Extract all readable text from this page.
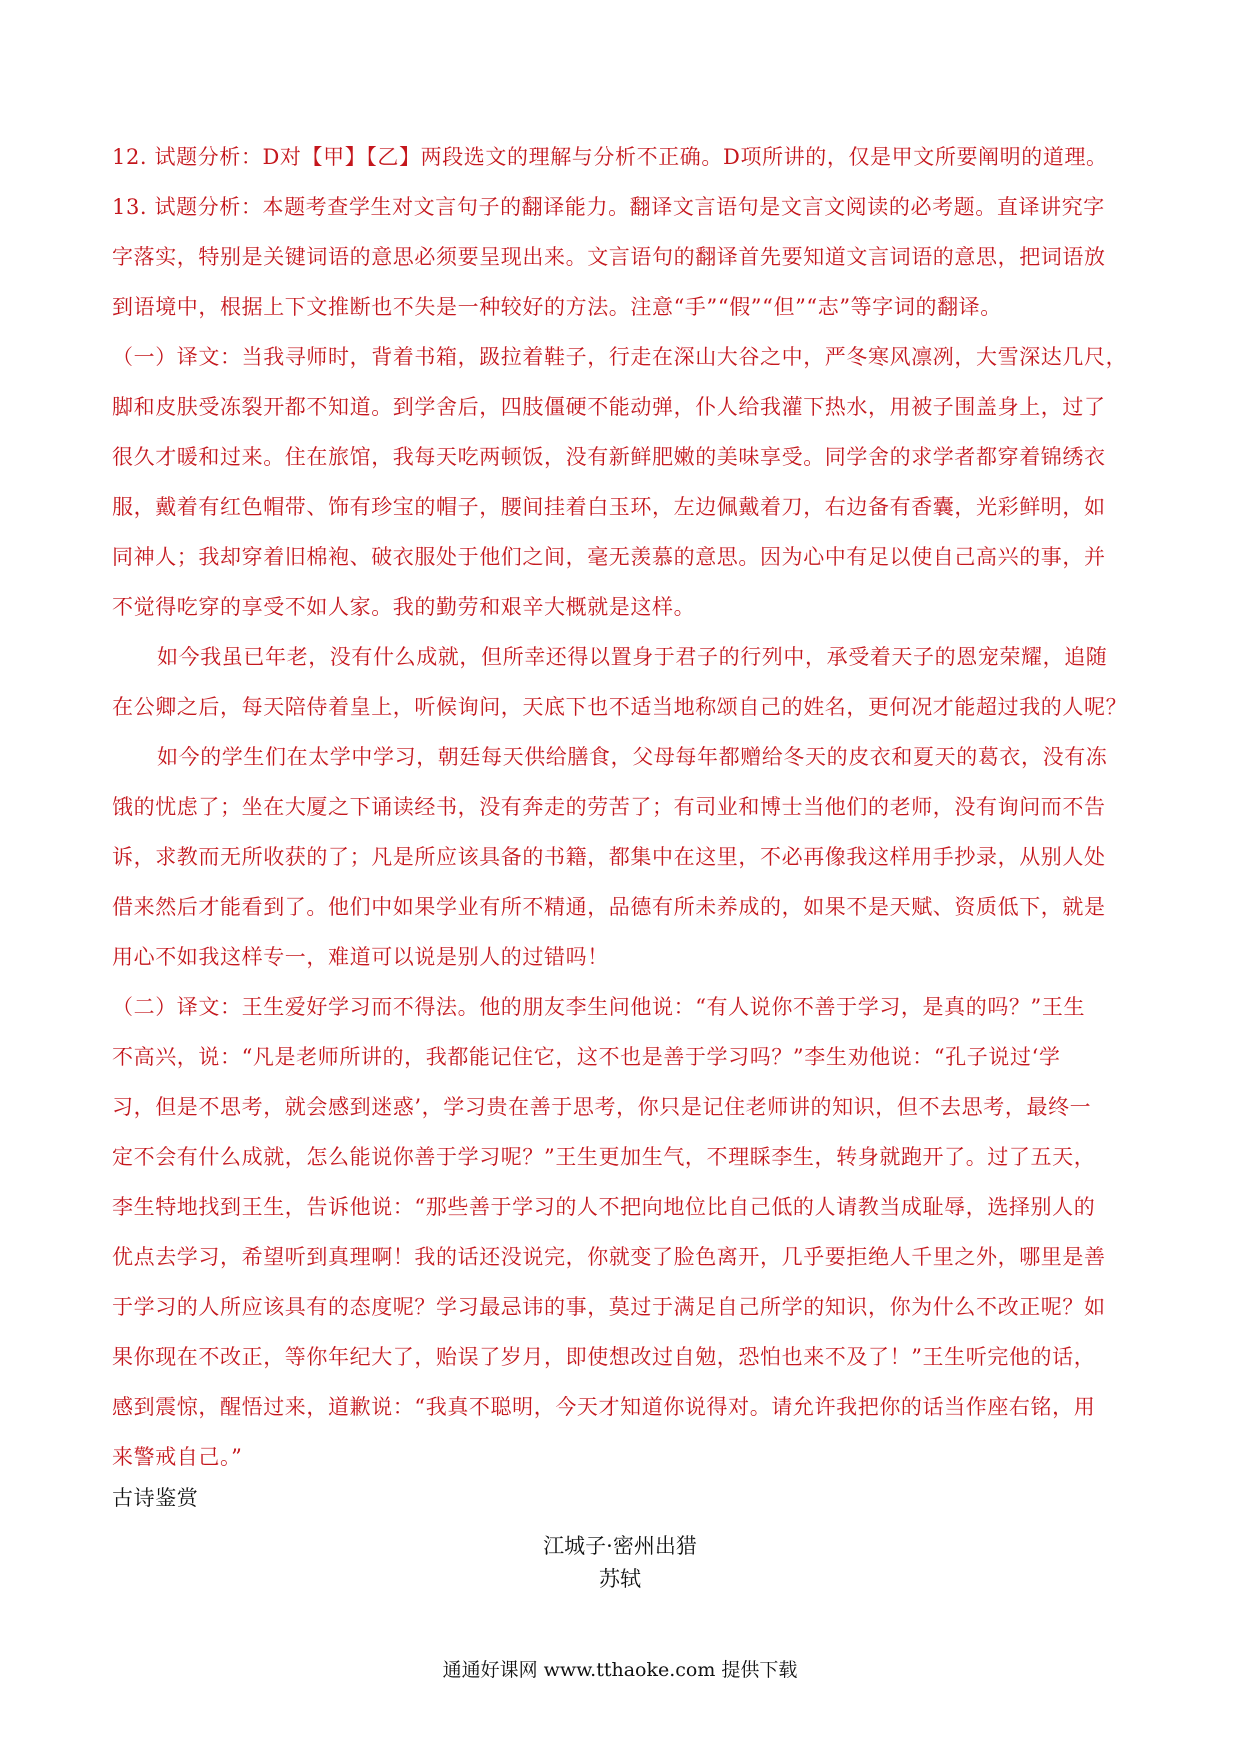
12. 试题分析：D对【甲】【乙】两段选文的理解与分析不正确。D项所讲的，仅是甲文所要阐明的道理。
13. 试题分析：本题考查学生对文言句子的翻译能力。翻译文言语句是文言文阅读的必考题。直译讲究字
字落实，特别是关键词语的意思必须要呈现出来。文言语句的翻译首先要知道文言词语的意思，把词语放
到语境中，根据上下文推断也不失是一种较好的方法。注意“手”“假”“但”“志”等字词的翻译。
（一）译文：当我寻师时，背着书箱，趿拉着鞋子，行走在深山大谷之中，严冬寒风凛冽，大雪深达几尺，
脚和皮肤受冻裂开都不知道。到学舍后，四肢僵硬不能动弹，仆人给我灌下热水，用被子围盖身上，过了
很久才暖和过来。住在旅馆，我每天吃两顿饭，没有新鲜肥嫩的美味享受。同学舍的求学者都穿着锦绣衣
服，戴着有红色帽带、饰有珍宝的帽子，腰间挂着白玉环，左边佩戴着刀，右边备有香囊，光彩鲜明，如
同神人；我却穿着旧棉袍、破衣服处于他们之间，毫无羡慕的意思。因为心中有足以使自己高兴的事，并
不觉得吃穿的享受不如人家。我的勤劳和艰辛大概就是这样。
如今我虽已年老，没有什么成就，但所幸还得以置身于君子的行列中，承受着天子的恩宠荣耀，追随
在公卿之后，每天陪侍着皇上，听候询问，天底下也不适当地称颂自己的姓名，更何况才能超过我的人呢？
如今的学生们在太学中学习，朝廷每天供给膳食，父母每年都赠给冬天的皮衣和夏天的葛衣，没有冻
饿的忧虑了；坐在大厦之下诵读经书，没有奔走的劳苦了；有司业和博士当他们的老师，没有询问而不告
诉，求教而无所收获的了；凡是所应该具备的书籍，都集中在这里，不必再像我这样用手抄录，从别人处
借来然后才能看到了。他们中如果学业有所不精通，品德有所未养成的，如果不是天赋、资质低下，就是
用心不如我这样专一，难道可以说是别人的过错吗！
（二）译文：王生爱好学习而不得法。他的朋友李生问他说：“有人说你不善于学习，是真的吗？”王生
不高兴，说：“凡是老师所讲的，我都能记住它，这不也是善于学习吗？”李生劝他说：“孔子说过‘学
习，但是不思考，就会感到迷惑’，学习贵在善于思考，你只是记住老师讲的知识，但不去思考，最终一
定不会有什么成就，怎么能说你善于学习呢？”王生更加生气，不理睬李生，转身就跑开了。过了五天，
李生特地找到王生，告诉他说：“那些善于学习的人不把向地位比自己低的人请教当成耻辱，选择别人的
优点去学习，希望听到真理啊！我的话还没说完，你就变了脸色离开，几乎要拒绝人千里之外，哪里是善
于学习的人所应该具有的态度呢？学习最忌讳的事，莫过于满足自己所学的知识，你为什么不改正呢？如
果你现在不改正，等你年纪大了，贻误了岁月，即使想改过自勉，恐怕也来不及了！”王生听完他的话，
感到震惊，醒悟过来，道歉说：“我真不聪明，今天才知道你说得对。请允许我把你的话当作座右铭，用
来警戒自己。”
古诗鉴赏
江城子·密州出猎
苏轼
通通好课网 www.tthaoke.com 提供下载
